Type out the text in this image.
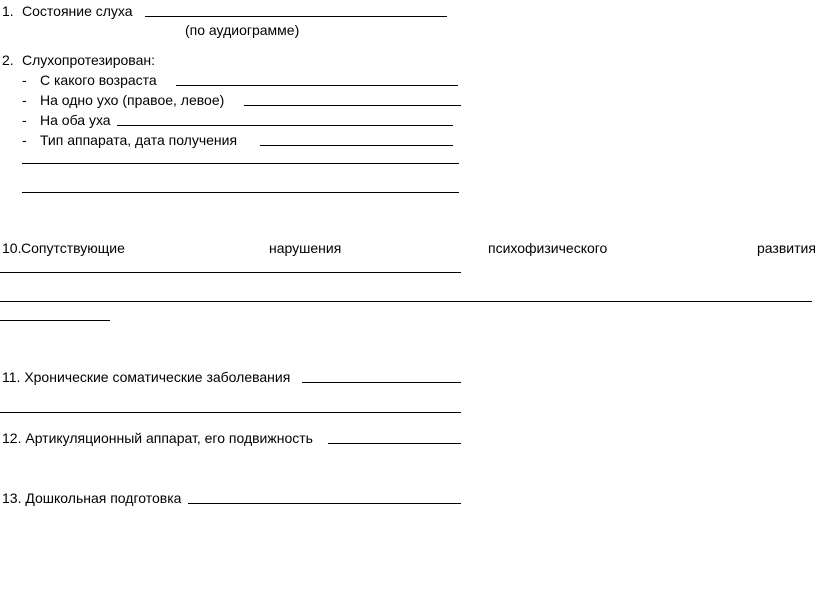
1. Состояние слуха
(по аудиограмме)
2. Слухопротезирован:
- С какого возраста
- На одно ухо (правое, левое)
- На оба уха
- Тип аппарата, дата получения
10. Сопутствующие	нарушения	психофизического	развития
11. Хронические соматические заболевания
12. Артикуляционный аппарат, его подвижность
13. Дошкольная подготовка
